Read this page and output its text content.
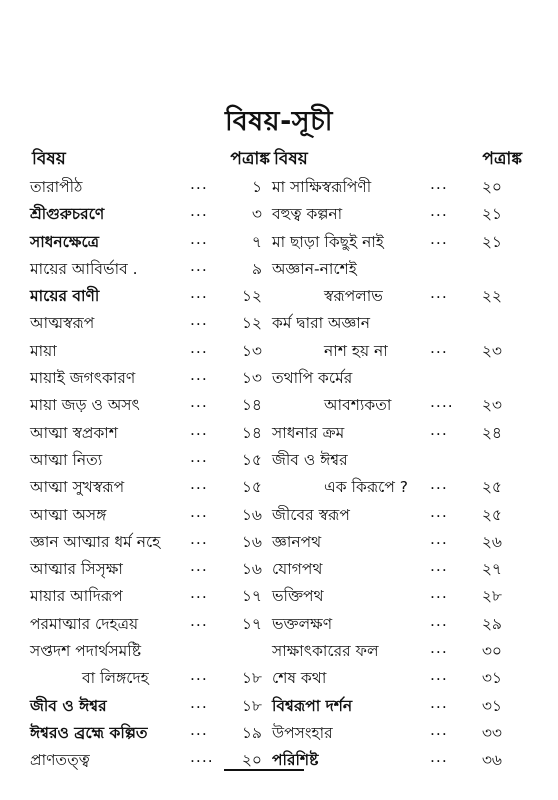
বিষয়-সূচী
বিষয়	পত্রাঙ্ক
তারাপীঠ	...	১
শ্রীগুরুচরণে	...	৩
সাধনক্ষেত্রে	...	৭
মায়ের আবির্ভাব .	...	৯
মায়ের বাণী	... ১২
আত্মস্বরূপ	... ১২
মায়া	... ১৩
মায়াই জগৎকারণ	... ১৩
মায়া জড় ও অসৎ	... ১৪
আত্মা স্বপ্রকাশ	... ১৪
আত্মা নিত্য	... ১৫
আত্মা সুখস্বরূপ	... ১৫
আত্মা অসঙ্গ	... ১৬
জ্ঞান আত্মার ধর্ম নহে ... ১৬
আত্মার সিসৃক্ষা	... ১৬
মায়ার আদিরূপ	... ১৭
পরমাত্মার দেহত্রয়	... ১৭
সপ্তদশ পদার্থসমষ্টি
বা লিঙ্গদেহ	... ১৮
জীব ও ঈশ্বর	... ১৮
ঈশ্বরও ব্রহ্মে কল্পিত	... ১৯
প্রাণতত্ত্ব	.... ২০
বিষয়	পত্রাঙ্ক
মা সাক্ষিস্বরূপিণী	... ২০
বহুত্ব কল্পনা	... ২১
মা ছাড়া কিছুই নাই	... ২১
অজ্ঞান-নাশেই
স্বরূপলাভ	... ২২
কর্ম দ্বারা অজ্ঞান
নাশ হয় না	... ২৩
তথাপি কর্মের
আবশ্যকতা .... ২৩
সাধনার ক্রম	... ২৪
জীব ও ঈশ্বর
এক কিরূপে ? ... ২৫
জীবের স্বরূপ	... ২৫
জ্ঞানপথ	... ২৬
যোগপথ	... ২৭
ভক্তিপথ	... ২৮
ভক্তলক্ষণ	... ২৯
সাক্ষাৎকারের ফল	... ৩০
শেষ কথা	... ৩১
বিশ্বরূপা দর্শন	... ৩১
উপসংহার	... ৩৩
পরিশিষ্ট	... ৩৬
